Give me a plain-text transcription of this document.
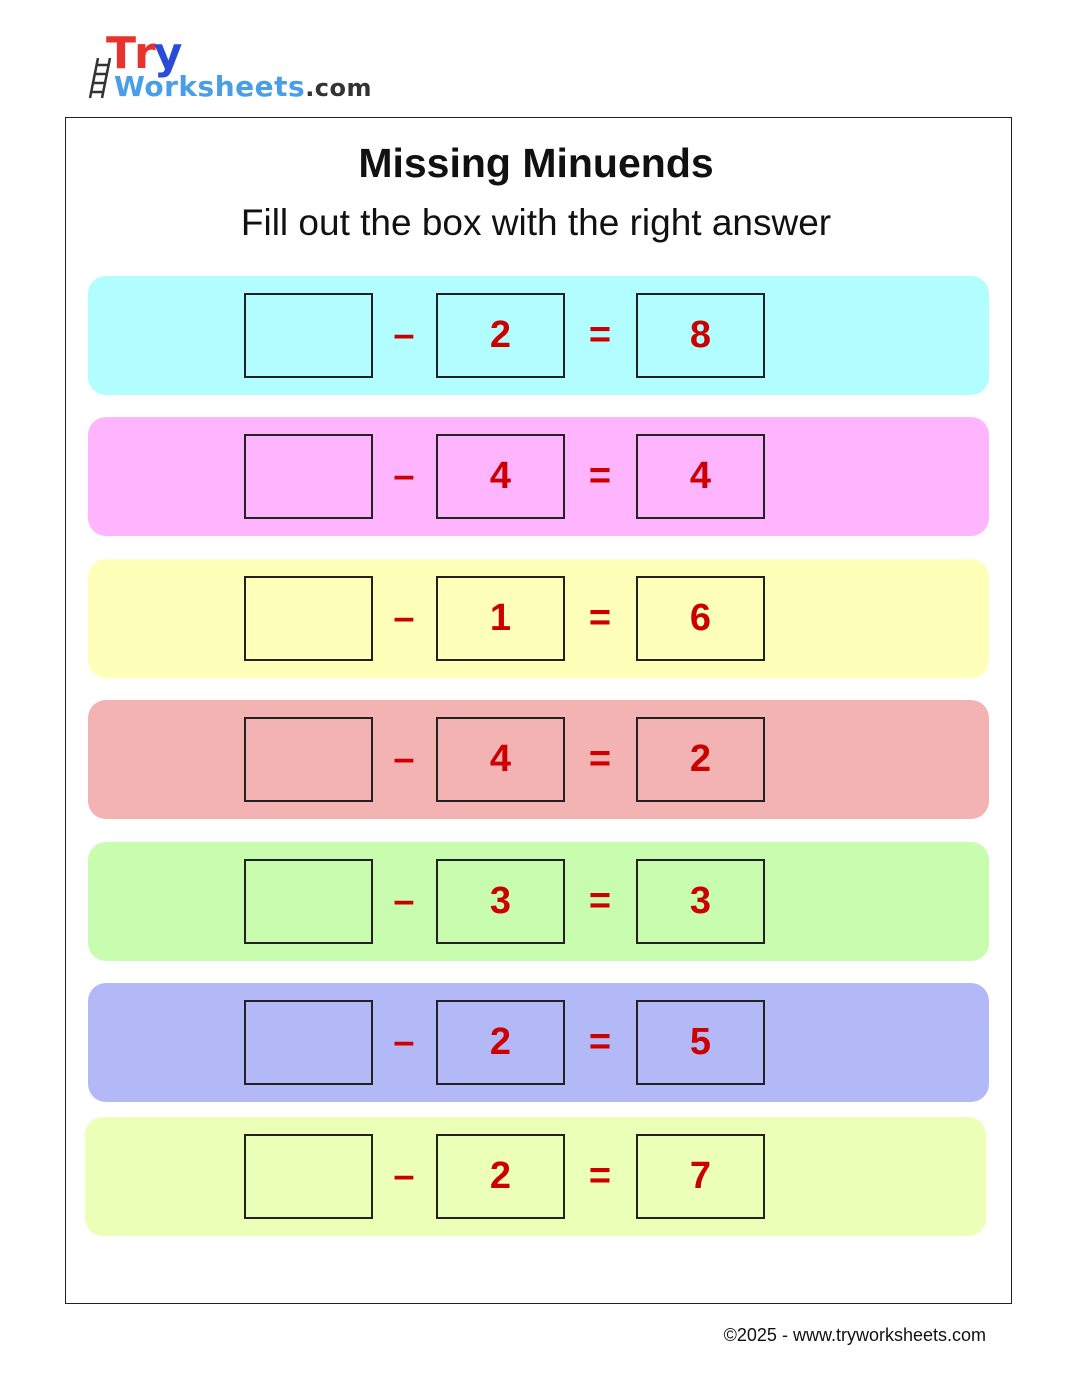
Try
Worksheets.com
Missing Minuends
Fill out the box with the right answer
–	2	=	8
–	4	=	4
–	1	=	6
–	4	=	2
–	3	=	3
–	2	=	5
–	2	=	7
©2025 - www.tryworksheets.com
